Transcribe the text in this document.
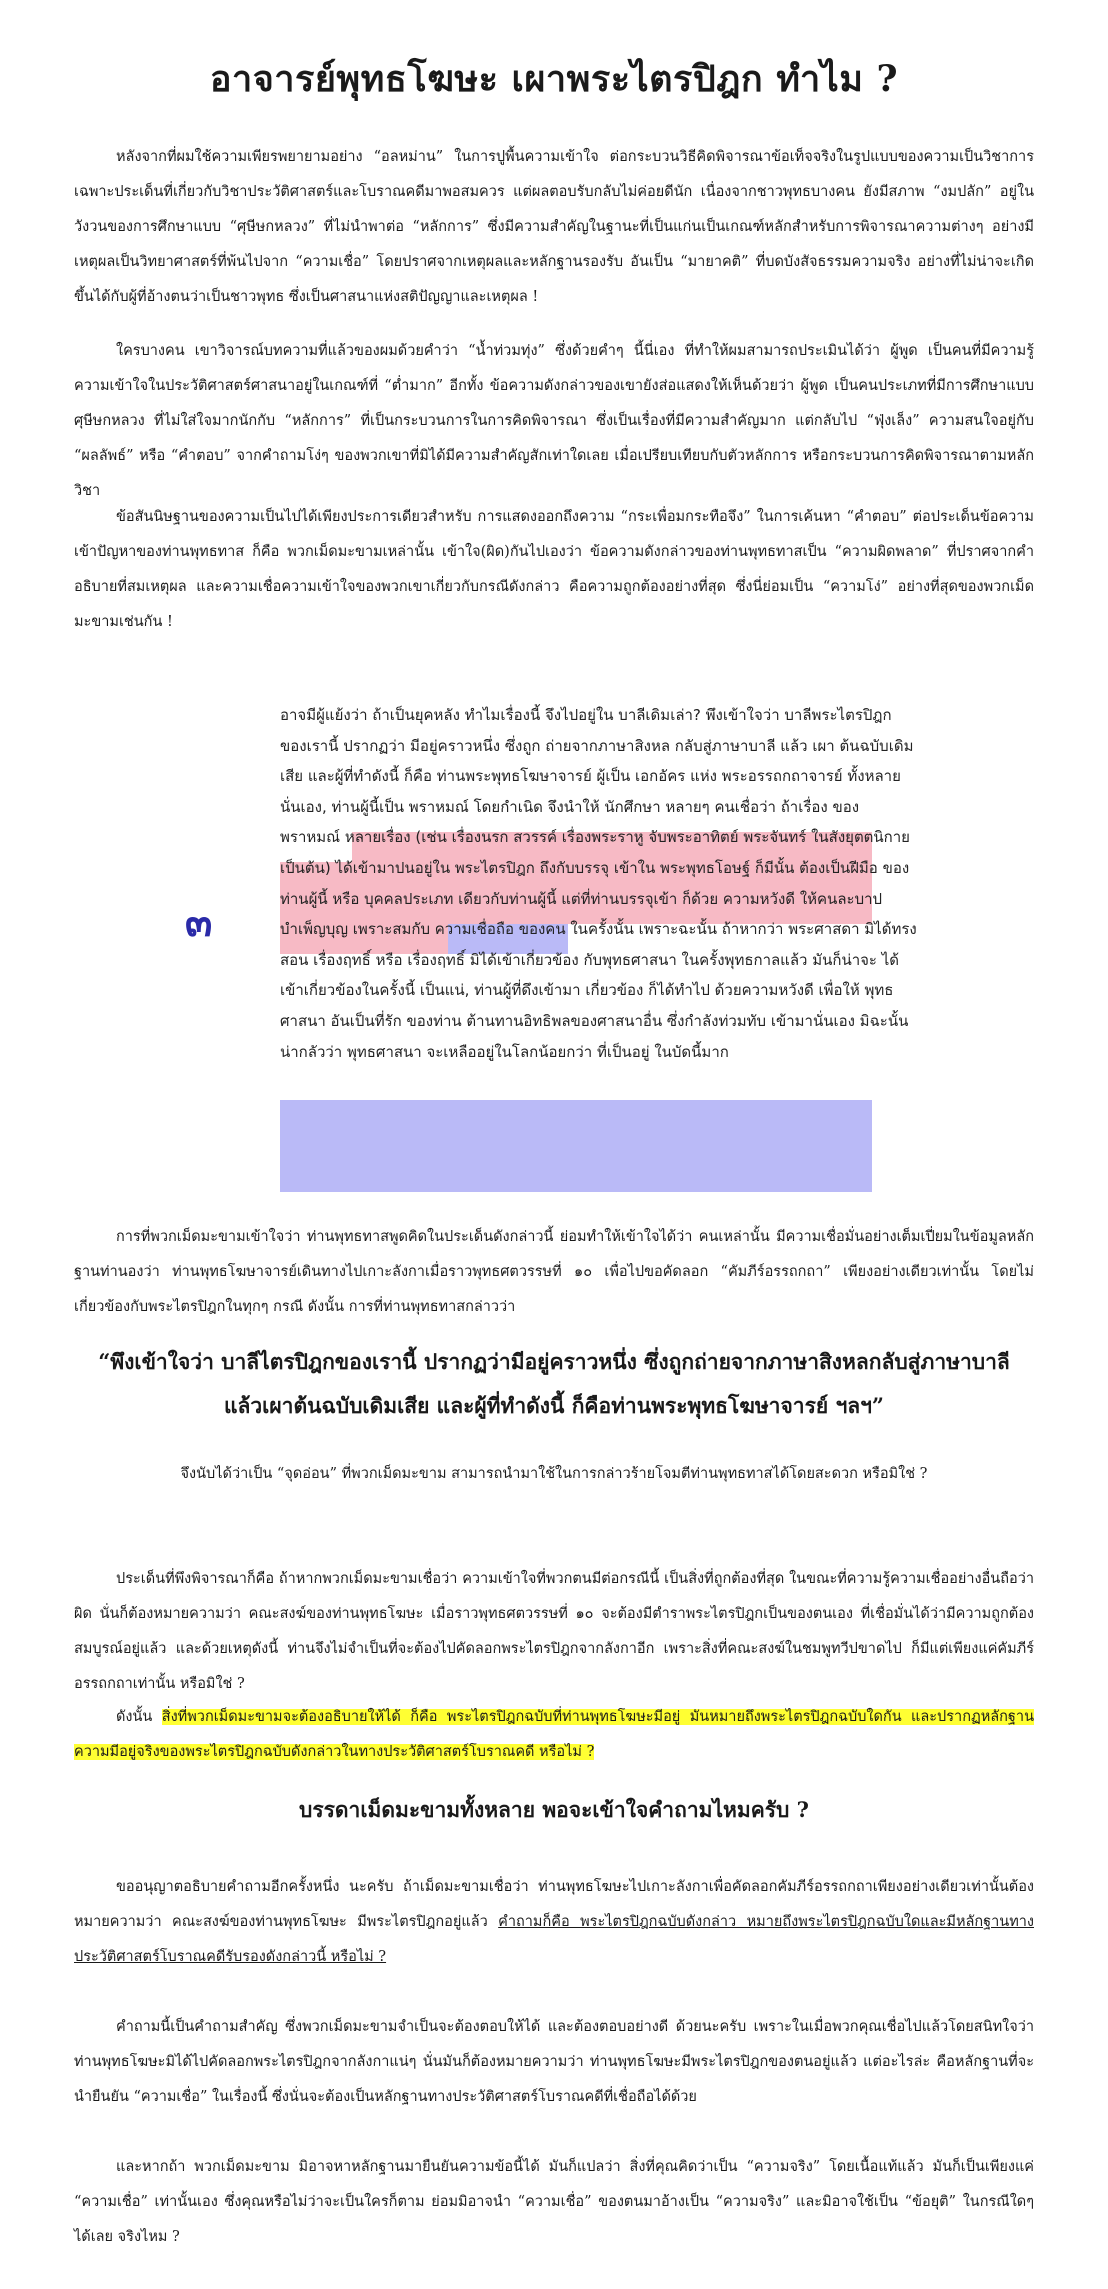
อาจารย์พุทธโฆษะ เผาพระไตรปิฎก ทำไม ?

หลังจากที่ผมใช้ความเพียรพยายามอย่าง “อลหม่าน” ในการปูพื้นความเข้าใจ ต่อกระบวนวิธีคิดพิจารณาข้อเท็จจริงในรูปแบบของความเป็นวิชาการ เฉพาะประเด็นที่เกี่ยวกับวิชาประวัติศาสตร์และโบราณคดีมาพอสมควร แต่ผลตอบรับกลับไม่ค่อยดีนัก เนื่องจากชาวพุทธบางคน ยังมีสภาพ “งมปลัก” อยู่ในวังวนของการศึกษาแบบ “ศุษีษกหลวง” ที่ไม่นำพาต่อ “หลักการ” ซึ่งมีความสำคัญในฐานะที่เป็นแก่นเป็นเกณฑ์หลักสำหรับการพิจารณาความต่างๆ อย่างมีเหตุผลเป็นวิทยาศาสตร์ที่พ้นไปจาก “ความเชื่อ” โดยปราศจากเหตุผลและหลักฐานรองรับ อันเป็น “มายาคติ” ที่บดบังสัจธรรมความจริง อย่างที่ไม่น่าจะเกิดขึ้นได้กับผู้ที่อ้างตนว่าเป็นชาวพุทธ ซึ่งเป็นศาสนาแห่งสติปัญญาและเหตุผล !

ใครบางคน เขาวิจารณ์บทความที่แล้วของผมด้วยคำว่า “น้ำท่วมทุ่ง” ซึ่งด้วยคำๆ นี้นี่เอง ที่ทำให้ผมสามารถประเมินได้ว่า ผู้พูด เป็นคนที่มีความรู้ ความเข้าใจในประวัติศาสตร์ศาสนาอยู่ในเกณฑ์ที่ “ต่ำมาก” อีกทั้ง ข้อความดังกล่าวของเขายังส่อแสดงให้เห็นด้วยว่า ผู้พูด เป็นคนประเภทที่มีการศึกษาแบบศุษีษกหลวง ที่ไม่ใส่ใจมากนักกับ “หลักการ” ที่เป็นกระบวนการในการคิดพิจารณา ซึ่งเป็นเรื่องที่มีความสำคัญมาก แต่กลับไป “ฟุ่งเล็ง” ความสนใจอยู่กับ “ผลลัพธ์” หรือ “คำตอบ” จากคำถามโง่ๆ ของพวกเขาที่มิได้มีความสำคัญสักเท่าใดเลย เมื่อเปรียบเทียบกับตัวหลักการ หรือกระบวนการคิดพิจารณาตามหลักวิชา

ข้อสันนิษฐานของความเป็นไปได้เพียงประการเดียวสำหรับ การแสดงออกถึงความ “กระเพื่อมกระทือจึง” ในการเค้นหา “คำตอบ” ต่อประเด็นข้อความเข้าปัญหาของท่านพุทธทาส ก็คือ พวกเม็ดมะขามเหล่านั้น เข้าใจ(ผิด)กันไปเองว่า ข้อความดังกล่าวของท่านพุทธทาสเป็น “ความผิดพลาด” ที่ปราศจากคำอธิบายที่สมเหตุผล และความเชื่อความเข้าใจของพวกเขาเกี่ยวกับกรณีดังกล่าว คือความถูกต้องอย่างที่สุด ซึ่งนี่ย่อมเป็น “ความโง่” อย่างที่สุดของพวกเม็ดมะขามเช่นกัน !

๓

อาจมีผู้แย้งว่า ถ้าเป็นยุคหลัง ทำไมเรื่องนี้ จึงไปอยู่ใน บาลีเดิมเล่า? พึงเข้าใจว่า บาลีพระไตรปิฎก ของเรานี้ ปรากฏว่า มีอยู่คราวหนึ่ง ซึ่งถูก ถ่ายจากภาษาสิงหล กลับสู่ภาษาบาลี แล้ว เผา ต้นฉบับเดิม เสีย และผู้ที่ทำดังนี้ ก็คือ ท่านพระพุทธโฆษาจารย์ ผู้เป็น เอกอัคร แห่ง พระอรรถกถาจารย์ ทั้งหลาย นั่นเอง, ท่านผู้นี้เป็น พราหมณ์ โดยกำเนิด จึงนำให้ นักศึกษา หลายๆ คนเชื่อว่า ถ้าเรื่อง ของ พราหมณ์ หลายเรื่อง (เช่น เรื่องนรก สวรรค์ เรื่องพระราหู จับพระอาทิตย์ พระจันทร์ ในสังยุตตนิกาย เป็นต้น) ได้เข้ามาปนอยู่ใน พระไตรปิฎก ถึงกับบรรจุ เข้าใน พระพุทธโอษฐ์ ก็มีนั้น ต้องเป็นฝีมือ ของท่านผู้นี้ หรือ บุคคลประเภท เดียวกับท่านผู้นี้ แต่ที่ท่านบรรจุเข้า ก็ด้วย ความหวังดี ให้คนละบาปบำเพ็ญบุญ เพราะสมกับ ความเชื่อถือ ของคน ในครั้งนั้น เพราะฉะนั้น ถ้าหากว่า พระศาสดา มิได้ทรงสอน เรื่องฤทธิ์ หรือ เรื่องฤทธิ์ มิได้เข้าเกี่ยวข้อง กับพุทธศาสนา ในครั้งพุทธกาลแล้ว มันก็น่าจะ ได้เข้าเกี่ยวข้องในครั้งนี้ เป็นแน่, ท่านผู้ที่ดึงเข้ามา เกี่ยวข้อง ก็ได้ทำไป ด้วยความหวังดี เพื่อให้ พุทธศาสนา อันเป็นที่รัก ของท่าน ต้านทานอิทธิพลของศาสนาอื่น ซึ่งกำลังท่วมทับ เข้ามานั่นเอง มิฉะนั้น น่ากลัวว่า พุทธศาสนา จะเหลืออยู่ในโลกน้อยกว่า ที่เป็นอยู่ ในบัดนี้มาก

การที่พวกเม็ดมะขามเข้าใจว่า ท่านพุทธทาสพูดคิดในประเด็นดังกล่าวนี้ ย่อมทำให้เข้าใจได้ว่า คนเหล่านั้น มีความเชื่อมั่นอย่างเต็มเปี่ยมในข้อมูลหลักฐานท่านองว่า ท่านพุทธโฆษาจารย์เดินทางไปเกาะลังกาเมื่อราวพุทธศตวรรษที่ ๑๐ เพื่อไปขอคัดลอก “คัมภีร์อรรถกถา” เพียงอย่างเดียวเท่านั้น โดยไม่เกี่ยวข้องกับพระไตรปิฎกในทุกๆ กรณี ดังนั้น การที่ท่านพุทธทาสกล่าวว่า

“พึงเข้าใจว่า บาลีไตรปิฎกของเรานี้ ปรากฏว่ามีอยู่คราวหนึ่ง ซึ่งถูกถ่ายจากภาษาสิงหลกลับสู่ภาษาบาลี

แล้วเผาต้นฉบับเดิมเสีย และผู้ที่ทำดังนี้ ก็คือท่านพระพุทธโฆษาจารย์ ฯลฯ”

จึงนับได้ว่าเป็น “จุดอ่อน” ที่พวกเม็ดมะขาม สามารถนำมาใช้ในการกล่าวร้ายโจมตีท่านพุทธทาสได้โดยสะดวก หรือมิใช่ ?

ประเด็นที่พึงพิจารณาก็คือ ถ้าหากพวกเม็ดมะขามเชื่อว่า ความเข้าใจที่พวกตนมีต่อกรณีนี้ เป็นสิ่งที่ถูกต้องที่สุด ในขณะที่ความรู้ความเชื่ออย่างอื่นถือว่าผิด นั่นก็ต้องหมายความว่า คณะสงฆ์ของท่านพุทธโฆษะ เมื่อราวพุทธศตวรรษที่ ๑๐ จะต้องมีตำราพระไตรปิฎกเป็นของตนเอง ที่เชื่อมั่นได้ว่ามีความถูกต้องสมบูรณ์อยู่แล้ว และด้วยเหตุดังนี้ ท่านจึงไม่จำเป็นที่จะต้องไปคัดลอกพระไตรปิฎกจากลังกาอีก เพราะสิ่งที่คณะสงฆ์ในชมพูทวีปขาดไป ก็มีแต่เพียงแค่คัมภีร์อรรถกถาเท่านั้น หรือมิใช่ ?

ดังนั้น สิ่งที่พวกเม็ดมะขามจะต้องอธิบายให้ได้ ก็คือ พระไตรปิฎกฉบับที่ท่านพุทธโฆษะมีอยู่ มันหมายถึงพระไตรปิฎกฉบับใดกัน และปรากฏหลักฐานความมีอยู่จริงของพระไตรปิฎกฉบับดังกล่าวในทางประวัติศาสตร์โบราณคดี หรือไม่ ?

บรรดาเม็ดมะขามทั้งหลาย พอจะเข้าใจคำถามไหมครับ ?

ขออนุญาตอธิบายคำถามอีกครั้งหนึ่ง นะครับ ถ้าเม็ดมะขามเชื่อว่า ท่านพุทธโฆษะไปเกาะลังกาเพื่อคัดลอกคัมภีร์อรรถกถาเพียงอย่างเดียวเท่านั้นต้องหมายความว่า คณะสงฆ์ของท่านพุทธโฆษะ มีพระไตรปิฎกอยู่แล้ว คำถามก็คือ พระไตรปิฎกฉบับดังกล่าว หมายถึงพระไตรปิฎกฉบับใดและมีหลักฐานทางประวัติศาสตร์โบราณคดีรับรองดังกล่าวนี้ หรือไม่ ?

คำถามนี้เป็นคำถามสำคัญ ซึ่งพวกเม็ดมะขามจำเป็นจะต้องตอบให้ได้ และต้องตอบอย่างดี ด้วยนะครับ เพราะในเมื่อพวกคุณเชื่อไปแล้วโดยสนิทใจว่า ท่านพุทธโฆษะมิได้ไปคัดลอกพระไตรปิฎกจากลังกาแน่ๆ นั่นมันก็ต้องหมายความว่า ท่านพุทธโฆษะมีพระไตรปิฎกของตนอยู่แล้ว แต่อะไรล่ะ คือหลักฐานที่จะนำยืนยัน “ความเชื่อ” ในเรื่องนี้ ซึ่งนั่นจะต้องเป็นหลักฐานทางประวัติศาสตร์โบราณคดีที่เชื่อถือได้ด้วย

และหากถ้า พวกเม็ดมะขาม มิอาจหาหลักฐานมายืนยันความข้อนี้ได้ มันก็แปลว่า สิ่งที่คุณคิดว่าเป็น “ความจริง” โดยเนื้อแท้แล้ว มันก็เป็นเพียงแค่ “ความเชื่อ” เท่านั้นเอง ซึ่งคุณหรือไม่ว่าจะเป็นใครก็ตาม ย่อมมิอาจนำ “ความเชื่อ” ของตนมาอ้างเป็น “ความจริง” และมิอาจใช้เป็น “ข้อยุติ” ในกรณีใดๆ ได้เลย จริงไหม ?
